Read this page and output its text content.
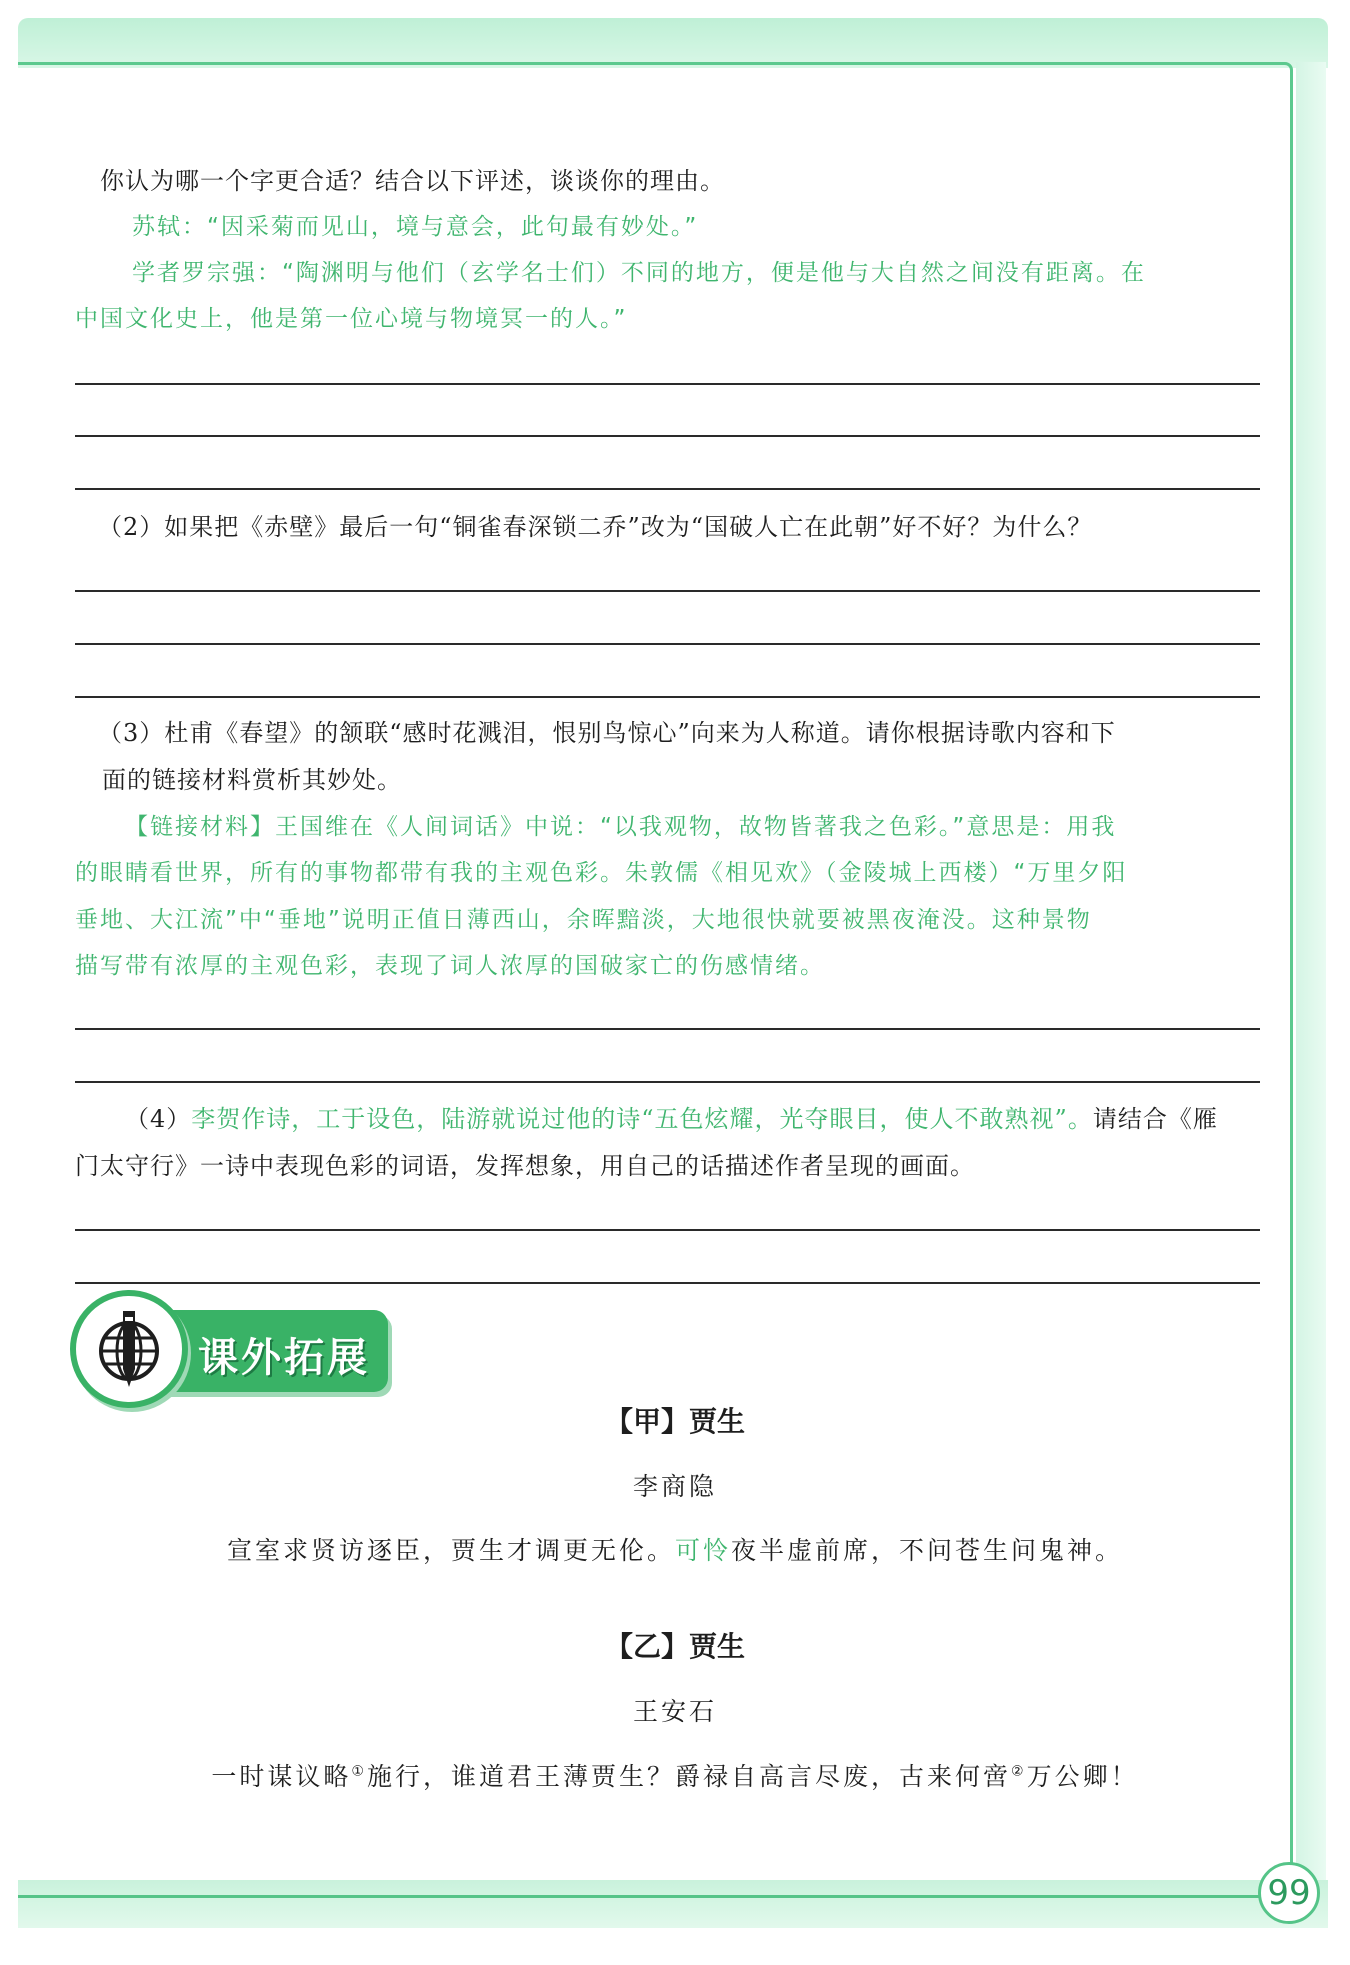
你认为哪一个字更合适？结合以下评述，谈谈你的理由。
苏轼：“因采菊而见山，境与意会，此句最有妙处。”
学者罗宗强：“陶渊明与他们（玄学名士们）不同的地方，便是他与大自然之间没有距离。在
中国文化史上，他是第一位心境与物境冥一的人。”
（2）如果把《赤壁》最后一句“铜雀春深锁二乔”改为“国破人亡在此朝”好不好？为什么？
（3）杜甫《春望》的颔联“感时花溅泪，恨别鸟惊心”向来为人称道。请你根据诗歌内容和下
面的链接材料赏析其妙处。
【链接材料】王国维在《人间词话》中说：“以我观物，故物皆著我之色彩。”意思是：用我
的眼睛看世界，所有的事物都带有我的主观色彩。朱敦儒《相见欢》（金陵城上西楼）“万里夕阳
垂地、大江流”中“垂地”说明正值日薄西山，余晖黯淡，大地很快就要被黑夜淹没。这种景物
描写带有浓厚的主观色彩，表现了词人浓厚的国破家亡的伤感情绪。
（4）李贺作诗，工于设色，陆游就说过他的诗“五色炫耀，光夺眼目，使人不敢熟视”。请结合《雁
门太守行》一诗中表现色彩的词语，发挥想象，用自己的话描述作者呈现的画面。
课外拓展
【甲】贾生
李商隐
宣室求贤访逐臣，贾生才调更无伦。可怜夜半虚前席，不问苍生问鬼神。
【乙】贾生
王安石
一时谋议略①施行，谁道君王薄贾生？爵禄自高言尽废，古来何啻②万公卿！
99
